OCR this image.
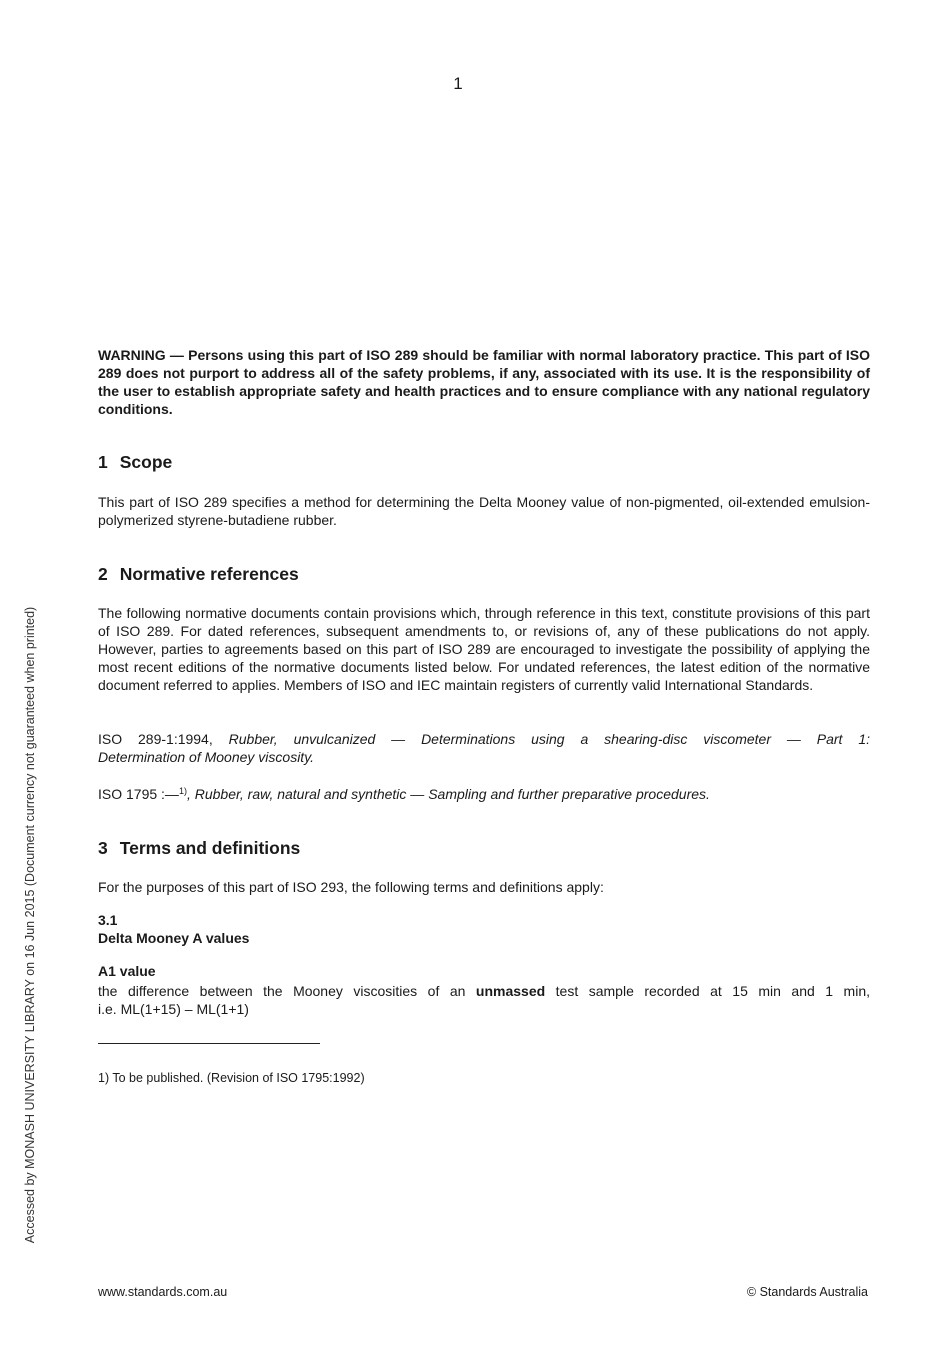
1
Accessed by MONASH UNIVERSITY LIBRARY on 16 Jun 2015 (Document currency not guaranteed when printed)

WARNING — Persons using this part of ISO 289 should be familiar with normal laboratory practice. This part of ISO 289 does not purport to address all of the safety problems, if any, associated with its use. It is the responsibility of the user to establish appropriate safety and health practices and to ensure compliance with any national regulatory conditions.

1 Scope

This part of ISO 289 specifies a method for determining the Delta Mooney value of non-pigmented, oil-extended emulsion-polymerized styrene-butadiene rubber.

2 Normative references

The following normative documents contain provisions which, through reference in this text, constitute provisions of this part of ISO 289. For dated references, subsequent amendments to, or revisions of, any of these publications do not apply. However, parties to agreements based on this part of ISO 289 are encouraged to investigate the possibility of applying the most recent editions of the normative documents listed below. For undated references, the latest edition of the normative document referred to applies. Members of ISO and IEC maintain registers of currently valid International Standards.

ISO 289-1:1994, Rubber, unvulcanized — Determinations using a shearing-disc viscometer — Part 1:
Determination of Mooney viscosity.

ISO 1795 :—$^{1)}$, Rubber, raw, natural and synthetic — Sampling and further preparative procedures.

3 Terms and definitions

For the purposes of this part of ISO 293, the following terms and definitions apply:

3.1

Delta Mooney A values

A1 value

the difference between the Mooney viscosities of an unmassed test sample recorded at 15 min and 1 min,
i.e. ML(1+15) – ML(1+1)

1) To be published. (Revision of ISO 1795:1992)

www.standards.com.au	© Standards Australia
